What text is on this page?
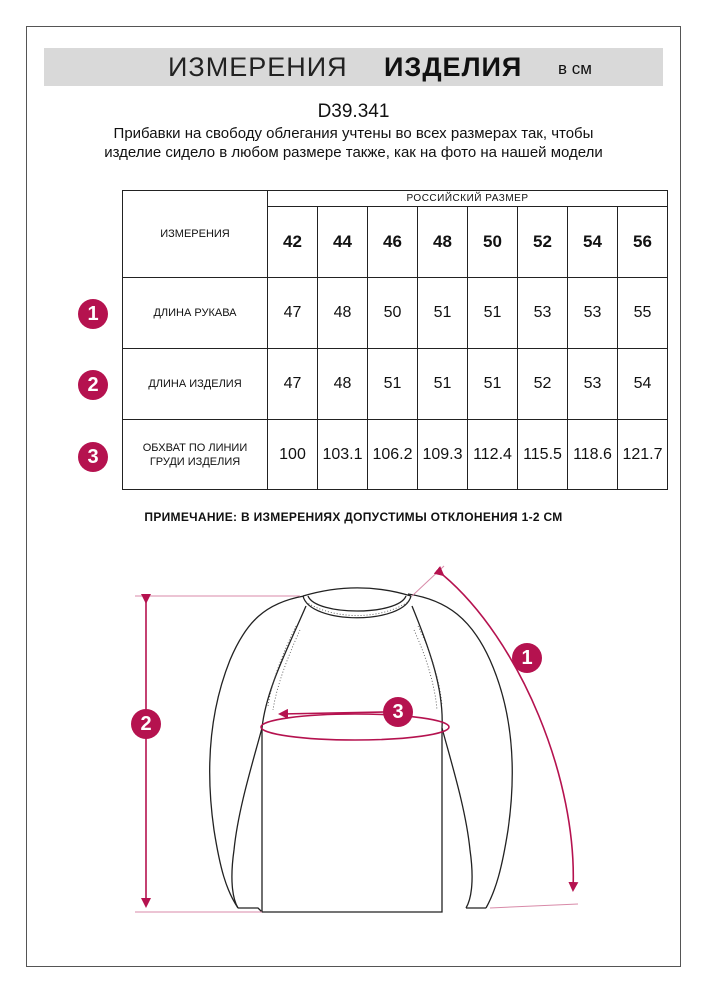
ИЗМЕРЕНИЯ ИЗДЕЛИЯ в см
D39.341
Прибавки на свободу облегания учтены во всех размерах так, чтобы изделие сидело в любом размере также, как на фото на нашей модели
ИЗМЕРЕНИЯ	РОССИЙСКИЙ РАЗМЕР							
	42	44	46	48	50	52	54	56
ДЛИНА РУКАВА	47	48	50	51	51	53	53	55
ДЛИНА ИЗДЕЛИЯ	47	48	51	51	51	52	53	54
ОБХВАТ ПО ЛИНИИ ГРУДИ ИЗДЕЛИЯ	100	103.1	106.2	109.3	112.4	115.5	118.6	121.7
1
2
3
ПРИМЕЧАНИЕ: В ИЗМЕРЕНИЯХ ДОПУСТИМЫ ОТКЛОНЕНИЯ 1-2 СМ
1
2
3
